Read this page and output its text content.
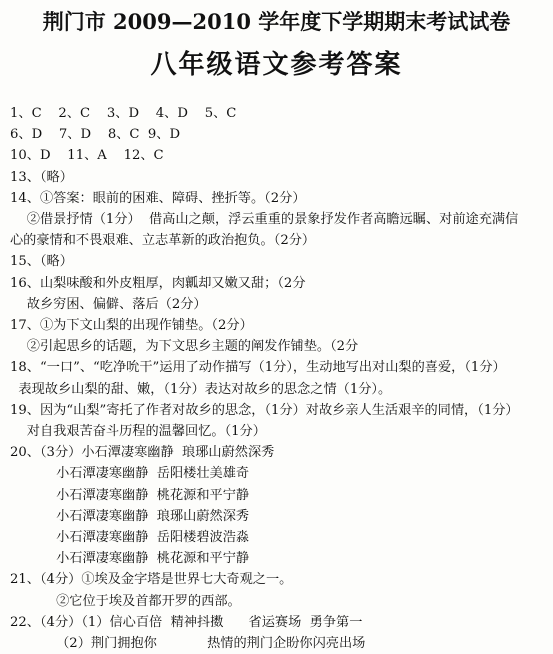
荆门市 2009—2010 学年度下学期期末考试试卷
八年级语文参考答案
1、C    2、C    3、D    4、D    5、C
6、D    7、D    8、C  9、D
10、D    11、A    12、C
13、（略）
14、①答案：眼前的困难、障碍、挫折等。（2分）
②借景抒情（1分）  借高山之颠，浮云重重的景象抒发作者高瞻远瞩、对前途充满信
心的豪情和不畏艰难、立志革新的政治抱负。（2分）
15、（略）
16、山梨味酸和外皮粗厚，肉瓤却又嫩又甜；（2分
故乡穷困、偏僻、落后（2分）
17、①为下文山梨的出现作铺垫。（2分）
②引起思乡的话题，为下文思乡主题的阐发作铺垫。（2分
18、“一口”、“吃净吮干”运用了动作描写（1分），生动地写出对山梨的喜爱，（1分）
表现故乡山梨的甜、嫩，（1分）表达对故乡的思念之情（1分）。
19、因为“山梨”寄托了作者对故乡的思念，（1分）对故乡亲人生活艰辛的同情，（1分）
对自我艰苦奋斗历程的温馨回忆。（1分）
20、（3分）小石潭凄寒幽静  琅琊山蔚然深秀
小石潭凄寒幽静  岳阳楼壮美雄奇
小石潭凄寒幽静  桃花源和平宁静
小石潭凄寒幽静  琅琊山蔚然深秀
小石潭凄寒幽静  岳阳楼碧波浩淼
小石潭凄寒幽静  桃花源和平宁静
21、（4分）①埃及金字塔是世界七大奇观之一。
②它位于埃及首都开罗的西部。
22、（4分）（1）信心百倍  精神抖擞      省运赛场  勇争第一
（2）荆门拥抱你            热情的荆门企盼你闪亮出场
